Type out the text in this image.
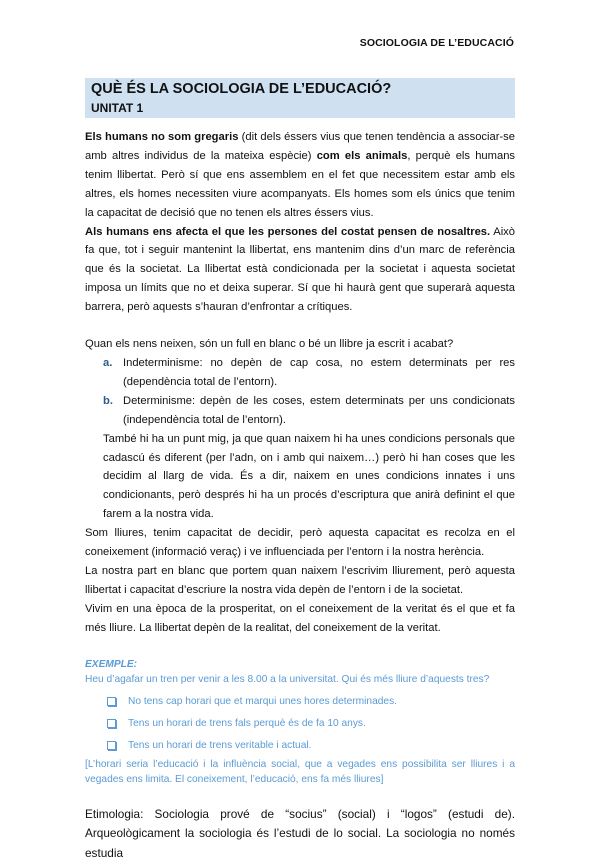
SOCIOLOGIA DE L’EDUCACIÓ
QUÈ ÉS LA SOCIOLOGIA DE L’EDUCACIÓ?
UNITAT 1

Els humans no som gregaris (dit dels éssers vius que tenen tendència a associar-se amb altres individus de la mateixa espècie) com els animals, perquè els humans tenim llibertat. Però sí que ens assemblem en el fet que necessitem estar amb els altres, els homes necessiten viure acompanyats. Els homes som els únics que tenim la capacitat de decisió que no tenen els altres éssers vius.

Als humans ens afecta el que les persones del costat pensen de nosaltres. Això fa que, tot i seguir mantenint la llibertat, ens mantenim dins d’un marc de referència que és la societat. La llibertat està condicionada per la societat i aquesta societat imposa un límits que no et deixa superar. Sí que hi haurà gent que superarà aquesta barrera, però aquests s’hauran d’enfrontar a crítiques.

Quan els nens neixen, són un full en blanc o bé un llibre ja escrit i acabat?

a. Indeterminisme: no depèn de cap cosa, no estem determinats per res (dependència total de l’entorn).
b. Determinisme: depèn de les coses, estem determinats per uns condicionats (independència total de l’entorn).

També hi ha un punt mig, ja que quan naixem hi ha unes condicions personals que cadascú és diferent (per l’adn, on i amb qui naixem…) però hi han coses que les decidim al llarg de vida. És a dir, naixem en unes condicions innates i uns condicionants, però després hi ha un procés d’escriptura que anirà definint el que farem a la nostra vida.

Som lliures, tenim capacitat de decidir, però aquesta capacitat es recolza en el coneixement (informació veraç) i ve influenciada per l’entorn i la nostra herència.

La nostra part en blanc que portem quan naixem l’escrivim lliurement, però aquesta llibertat i capacitat d’escriure la nostra vida depèn de l’entorn i de la societat.

Vivim en una època de la prosperitat, on el coneixement de la veritat és el que et fa més lliure. La llibertat depèn de la realitat, del coneixement de la veritat.

EXEMPLE:

Heu d’agafar un tren per venir a les 8.00 a la universitat. Qui és més lliure d’aquests tres?

No tens cap horari que et marqui unes hores determinades.
Tens un horari de trens fals perquè és de fa 10 anys.
Tens un horari de trens veritable i actual.

[L’horari seria l’educació i la influència social, que a vegades ens possibilita ser lliures i a vegades ens limita. El coneixement, l’educació, ens fa més lliures]

Etimologia: Sociologia prové de “socius” (social) i “logos” (estudi de). Arqueològicament la sociologia és l’estudi de lo social. La sociologia no només estudia
